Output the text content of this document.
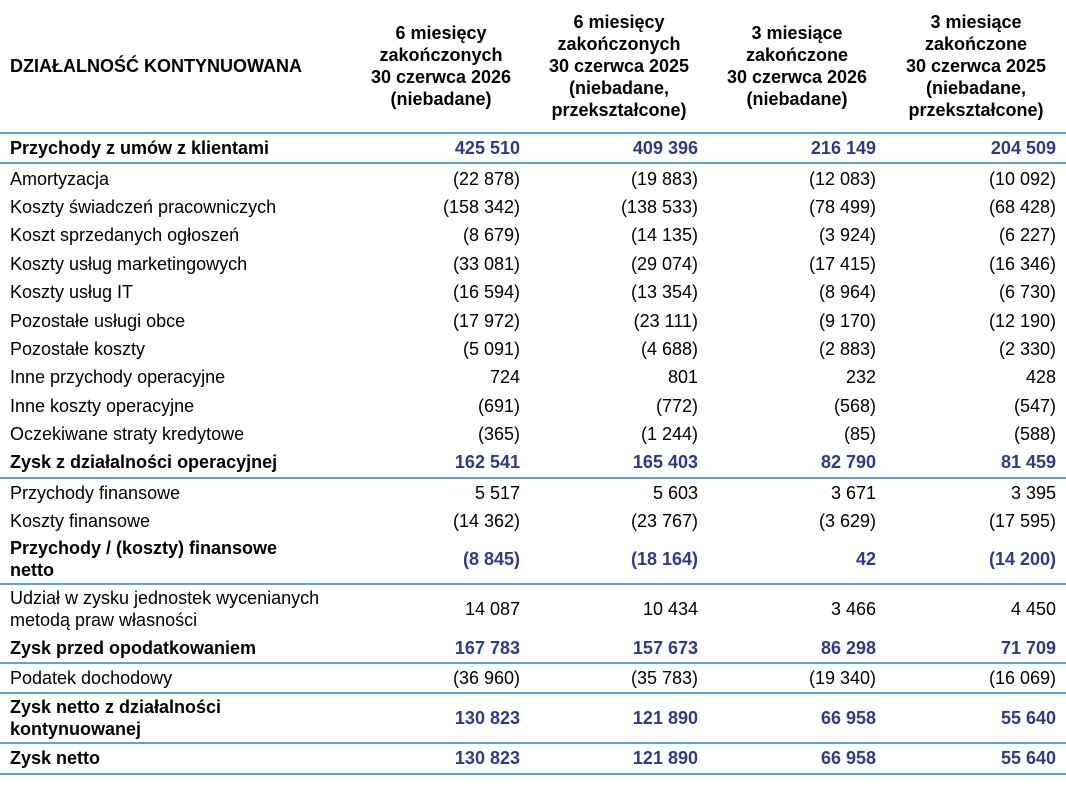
DZIAŁALNOŚĆ KONTYNUOWANA	6 miesięcy
zakończonych
30 czerwca 2026
(niebadane)	6 miesięcy
zakończonych
30 czerwca 2025
(niebadane,
przekształcone)	3 miesiące
zakończone
30 czerwca 2026
(niebadane)	3 miesiące
zakończone
30 czerwca 2025
(niebadane,
przekształcone)

Przychody z umów z klientami	425 510	409 396	216 149	204 509
Amortyzacja	(22 878)	(19 883)	(12 083)	(10 092)
Koszty świadczeń pracowniczych	(158 342)	(138 533)	(78 499)	(68 428)
Koszt sprzedanych ogłoszeń	(8 679)	(14 135)	(3 924)	(6 227)
Koszty usług marketingowych	(33 081)	(29 074)	(17 415)	(16 346)
Koszty usług IT	(16 594)	(13 354)	(8 964)	(6 730)
Pozostałe usługi obce	(17 972)	(23 111)	(9 170)	(12 190)
Pozostałe koszty	(5 091)	(4 688)	(2 883)	(2 330)
Inne przychody operacyjne	724	801	232	428
Inne koszty operacyjne	(691)	(772)	(568)	(547)
Oczekiwane straty kredytowe	(365)	(1 244)	(85)	(588)
Zysk z działalności operacyjnej	162 541	165 403	82 790	81 459
Przychody finansowe	5 517	5 603	3 671	3 395
Koszty finansowe	(14 362)	(23 767)	(3 629)	(17 595)
Przychody / (koszty) finansowe
netto	(8 845)	(18 164)	42	(14 200)
Udział w zysku jednostek wycenianych
metodą praw własności	14 087	10 434	3 466	4 450
Zysk przed opodatkowaniem	167 783	157 673	86 298	71 709
Podatek dochodowy	(36 960)	(35 783)	(19 340)	(16 069)
Zysk netto z działalności
kontynuowanej	130 823	121 890	66 958	55 640
Zysk netto	130 823	121 890	66 958	55 640
